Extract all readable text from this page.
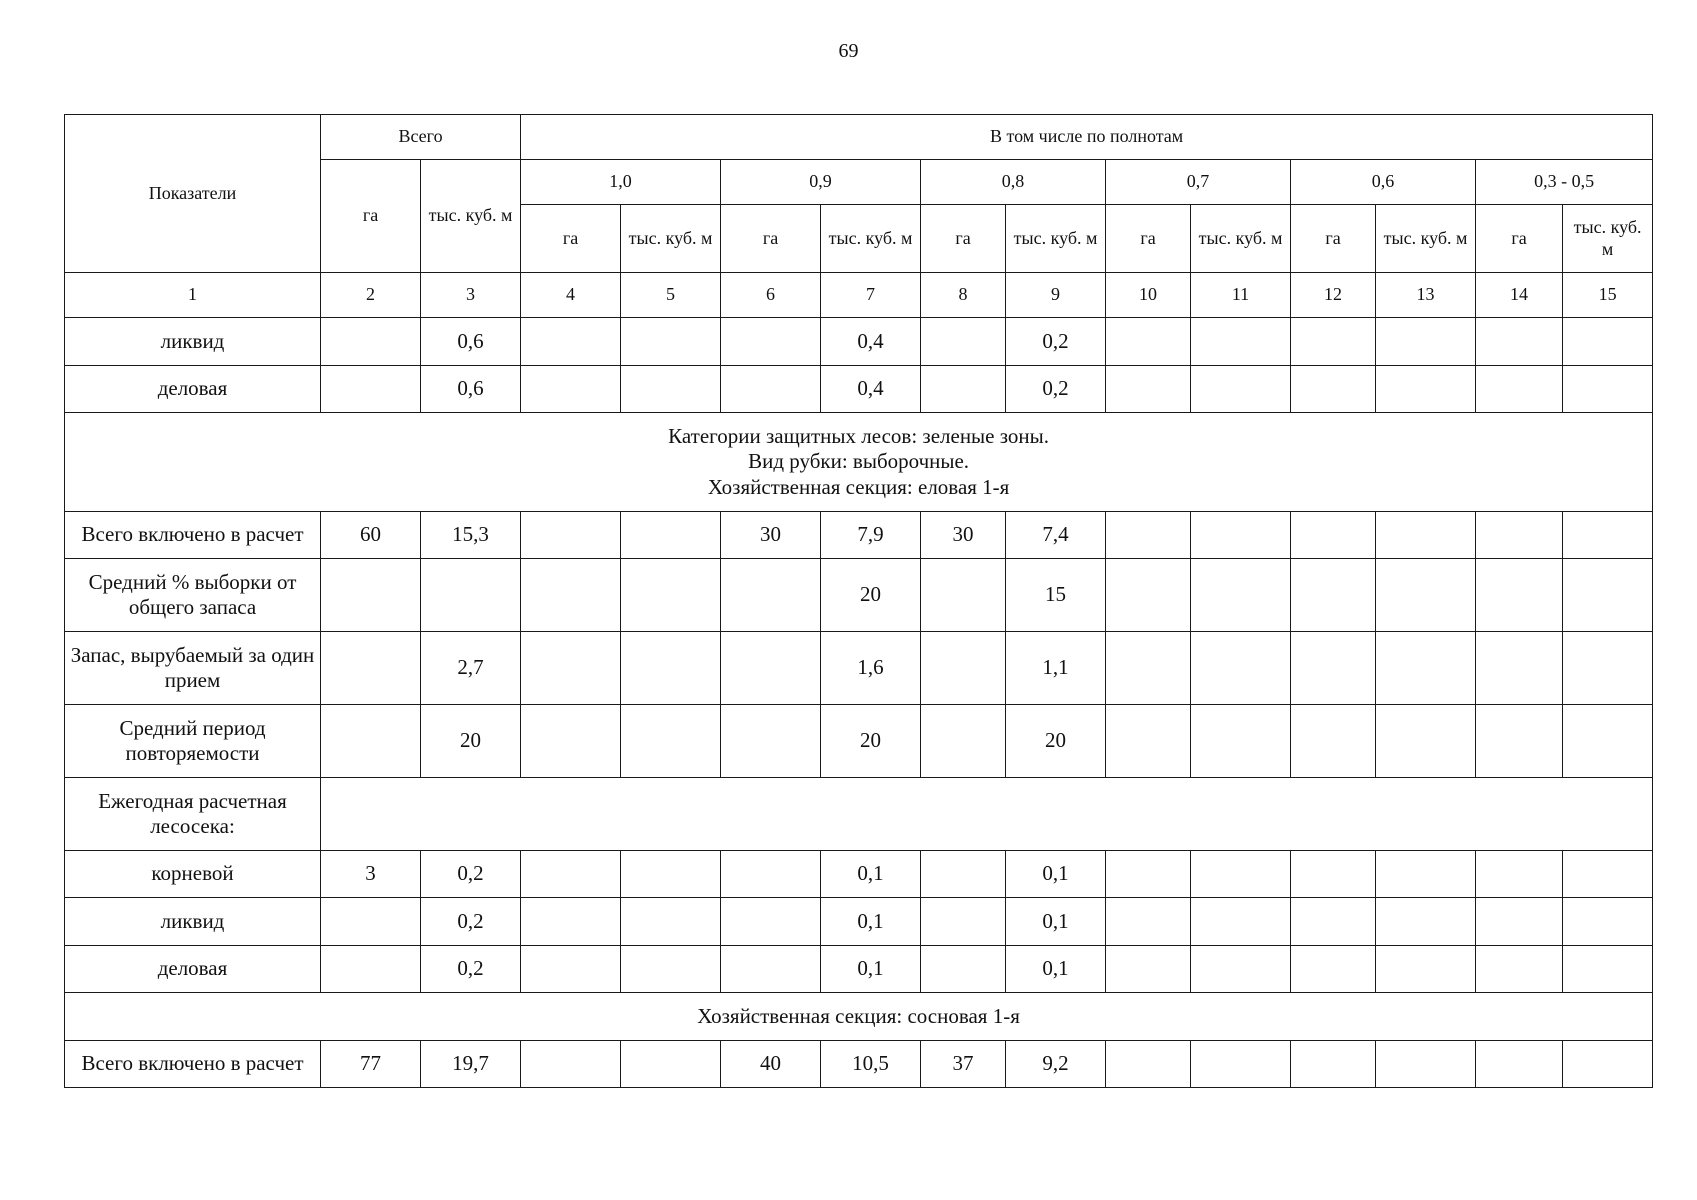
69
Показатели	Всего		В том числе по полнотам											
	га	тыс. куб. м	1,0		0,9		0,8		0,7		0,6		0,3 - 0,5	
			га	тыс. куб. м	га	тыс. куб. м	га	тыс. куб. м	га	тыс. куб. м	га	тыс. куб. м	га	тыс. куб. м
1	2	3	4	5	6	7	8	9	10	11	12	13	14	15
ликвид		0,6				0,4		0,2						
деловая		0,6				0,4		0,2						

Категории защитных лесов: зеленые зоны.
Вид рубки: выборочные.
Хозяйственная секция: еловая 1-я														

Всего включено в расчет	60	15,3			30	7,9	30	7,4						
Средний % выборки от общего запаса						20		15						
Запас, вырубаемый за один прием		2,7				1,6		1,1						
Средний период повторяемости		20				20		20						
Ежегодная расчетная лесосека:														
корневой	3	0,2				0,1		0,1						
ликвид		0,2				0,1		0,1						
деловая		0,2				0,1		0,1						

Хозяйственная секция: сосновая 1-я														

Всего включено в расчет	77	19,7			40	10,5	37	9,2						
